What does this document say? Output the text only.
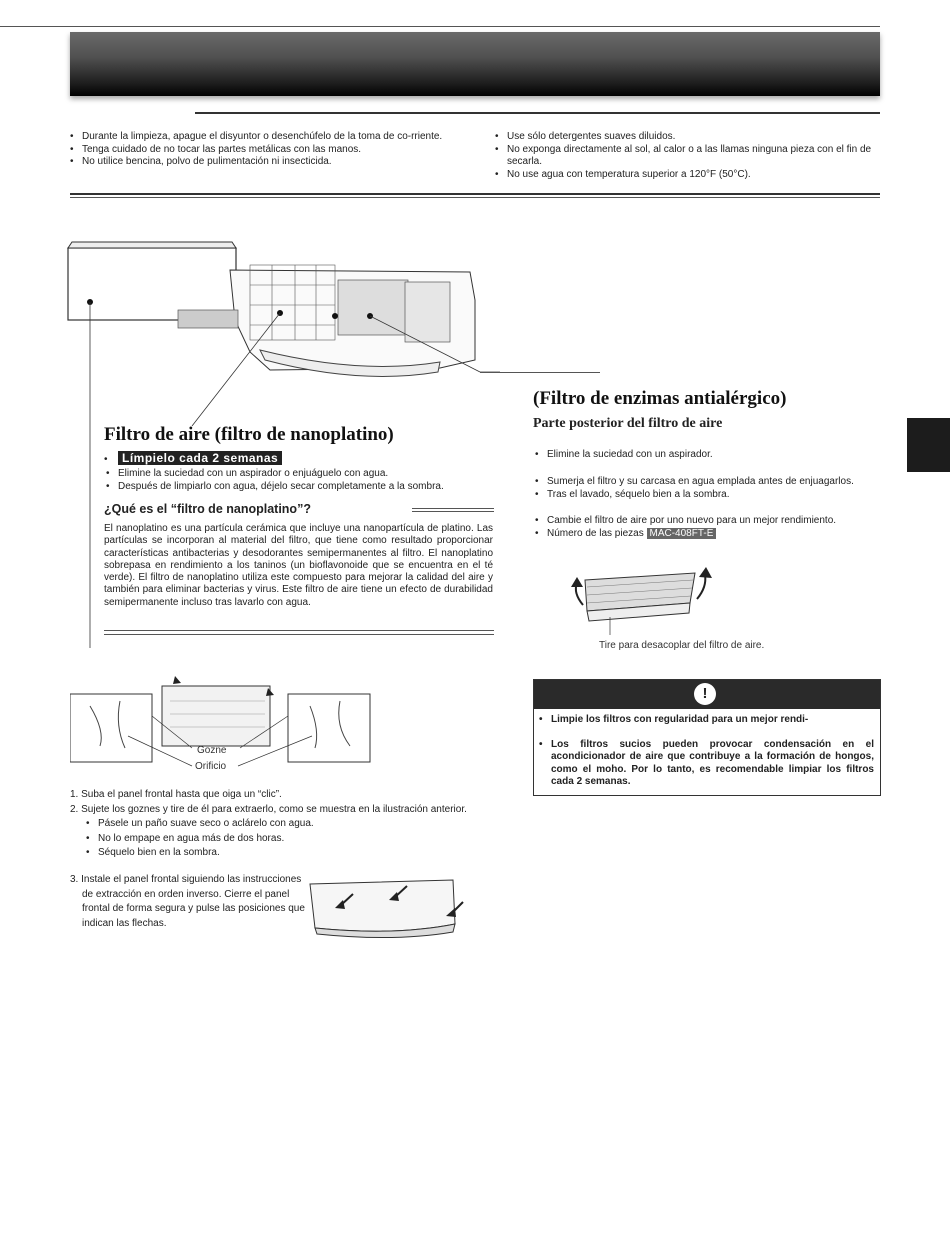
• Durante la limpieza, apague el disyuntor o desenchúfelo de la toma de co-rriente.
• Tenga cuidado de no tocar las partes metálicas con las manos.
• No utilice bencina, polvo de pulimentación ni insecticida.
• Use sólo detergentes suaves diluidos.
• No exponga directamente al sol, al calor o a las llamas ninguna pieza con el fin de secarla.
• No use agua con temperatura superior a 120°F (50°C).
Filtro de aire (filtro de nanoplatino)
• Límpielo cada 2 semanas
• Elimine la suciedad con un aspirador o enjuáguelo con agua.
• Después de limpiarlo con agua, déjelo secar completamente a la sombra.
¿Qué es el “filtro de nanoplatino”?
El nanoplatino es una partícula cerámica que incluye una nanopartícula de platino. Las partículas se incorporan al material del filtro, que tiene como resultado proporcionar características antibacterias y desodorantes semipermanentes al filtro. El nanoplatino sobrepasa en rendimiento a los taninos (un bioflavonoide que se encuentra en el té verde). El filtro de nanoplatino utiliza este compuesto para mejorar la calidad del aire y también para eliminar bacterias y virus. Este filtro de aire tiene un efecto de durabilidad semipermanente incluso tras lavarlo con agua.
(Filtro de enzimas antialérgico)
Parte posterior del filtro de aire
• Elimine la suciedad con un aspirador.
• Sumerja el filtro y su carcasa en agua emplada antes de enjuagarlos.
• Tras el lavado, séquelo bien a la sombra.
• Cambie el filtro de aire por uno nuevo para un mejor rendimiento.
• Número de las piezas MAC-408FT-E
Tire para desacoplar del filtro de aire.
!
• Limpie los filtros con regularidad para un mejor rendi-
• Los filtros sucios pueden provocar condensación en el acondicionador de aire que contribuye a la formación de hongos, como el moho. Por lo tanto, es recomendable limpiar los filtros cada 2 semanas.
Gozne
Orificio
1. Suba el panel frontal hasta que oiga un “clic”.
2. Sujete los goznes y tire de él para extraerlo, como se muestra en la ilustración anterior.
• Pásele un paño suave seco o aclárelo con agua.
• No lo empape en agua más de dos horas.
• Séquelo bien en la sombra.
3. Instale el panel frontal siguiendo las instrucciones de extracción en orden inverso. Cierre el panel frontal de forma segura y pulse las posiciones que indican las flechas.
